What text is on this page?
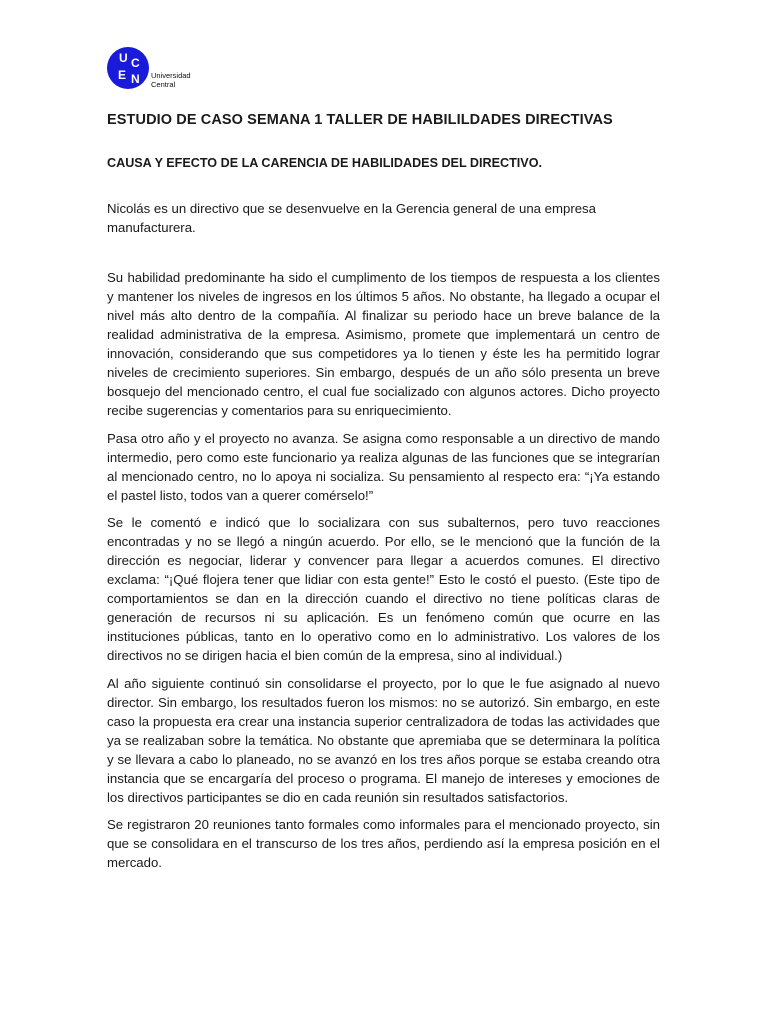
U C
E N Universidad
Central
ESTUDIO DE CASO SEMANA 1 TALLER DE HABILILDADES DIRECTIVAS
CAUSA Y EFECTO DE LA CARENCIA DE HABILIDADES DEL DIRECTIVO.

Nicolás es un directivo que se desenvuelve en la Gerencia general de una empresa manufacturera.

Su habilidad predominante ha sido el cumplimento de los tiempos de respuesta a los clientes y mantener los niveles de ingresos en los últimos 5 años. No obstante, ha llegado a ocupar el nivel más alto dentro de la compañía. Al finalizar su periodo hace un breve balance de la realidad administrativa de la empresa. Asimismo, promete que implementará un centro de innovación, considerando que sus competidores ya lo tienen y éste les ha permitido lograr niveles de crecimiento superiores. Sin embargo, después de un año sólo presenta un breve bosquejo del mencionado centro, el cual fue socializado con algunos actores. Dicho proyecto recibe sugerencias y comentarios para su enriquecimiento.

Pasa otro año y el proyecto no avanza. Se asigna como responsable a un directivo de mando intermedio, pero como este funcionario ya realiza algunas de las funciones que se integrarían al mencionado centro, no lo apoya ni socializa. Su pensamiento al respecto era: “¡Ya estando el pastel listo, todos van a querer comérselo!”

Se le comentó e indicó que lo socializara con sus subalternos, pero tuvo reacciones encontradas y no se llegó a ningún acuerdo. Por ello, se le mencionó que la función de la dirección es negociar, liderar y convencer para llegar a acuerdos comunes. El directivo exclama: “¡Qué flojera tener que lidiar con esta gente!” Esto le costó el puesto. (Este tipo de comportamientos se dan en la dirección cuando el directivo no tiene políticas claras de generación de recursos ni su aplicación. Es un fenómeno común que ocurre en las instituciones públicas, tanto en lo operativo como en lo administrativo. Los valores de los directivos no se dirigen hacia el bien común de la empresa, sino al individual.)

Al año siguiente continuó sin consolidarse el proyecto, por lo que le fue asignado al nuevo director. Sin embargo, los resultados fueron los mismos: no se autorizó. Sin embargo, en este caso la propuesta era crear una instancia superior centralizadora de todas las actividades que ya se realizaban sobre la temática. No obstante que apremiaba que se determinara la política y se llevara a cabo lo planeado, no se avanzó en los tres años porque se estaba creando otra instancia que se encargaría del proceso o programa. El manejo de intereses y emociones de los directivos participantes se dio en cada reunión sin resultados satisfactorios.

Se registraron 20 reuniones tanto formales como informales para el mencionado proyecto, sin que se consolidara en el transcurso de los tres años, perdiendo así la empresa posición en el mercado.
